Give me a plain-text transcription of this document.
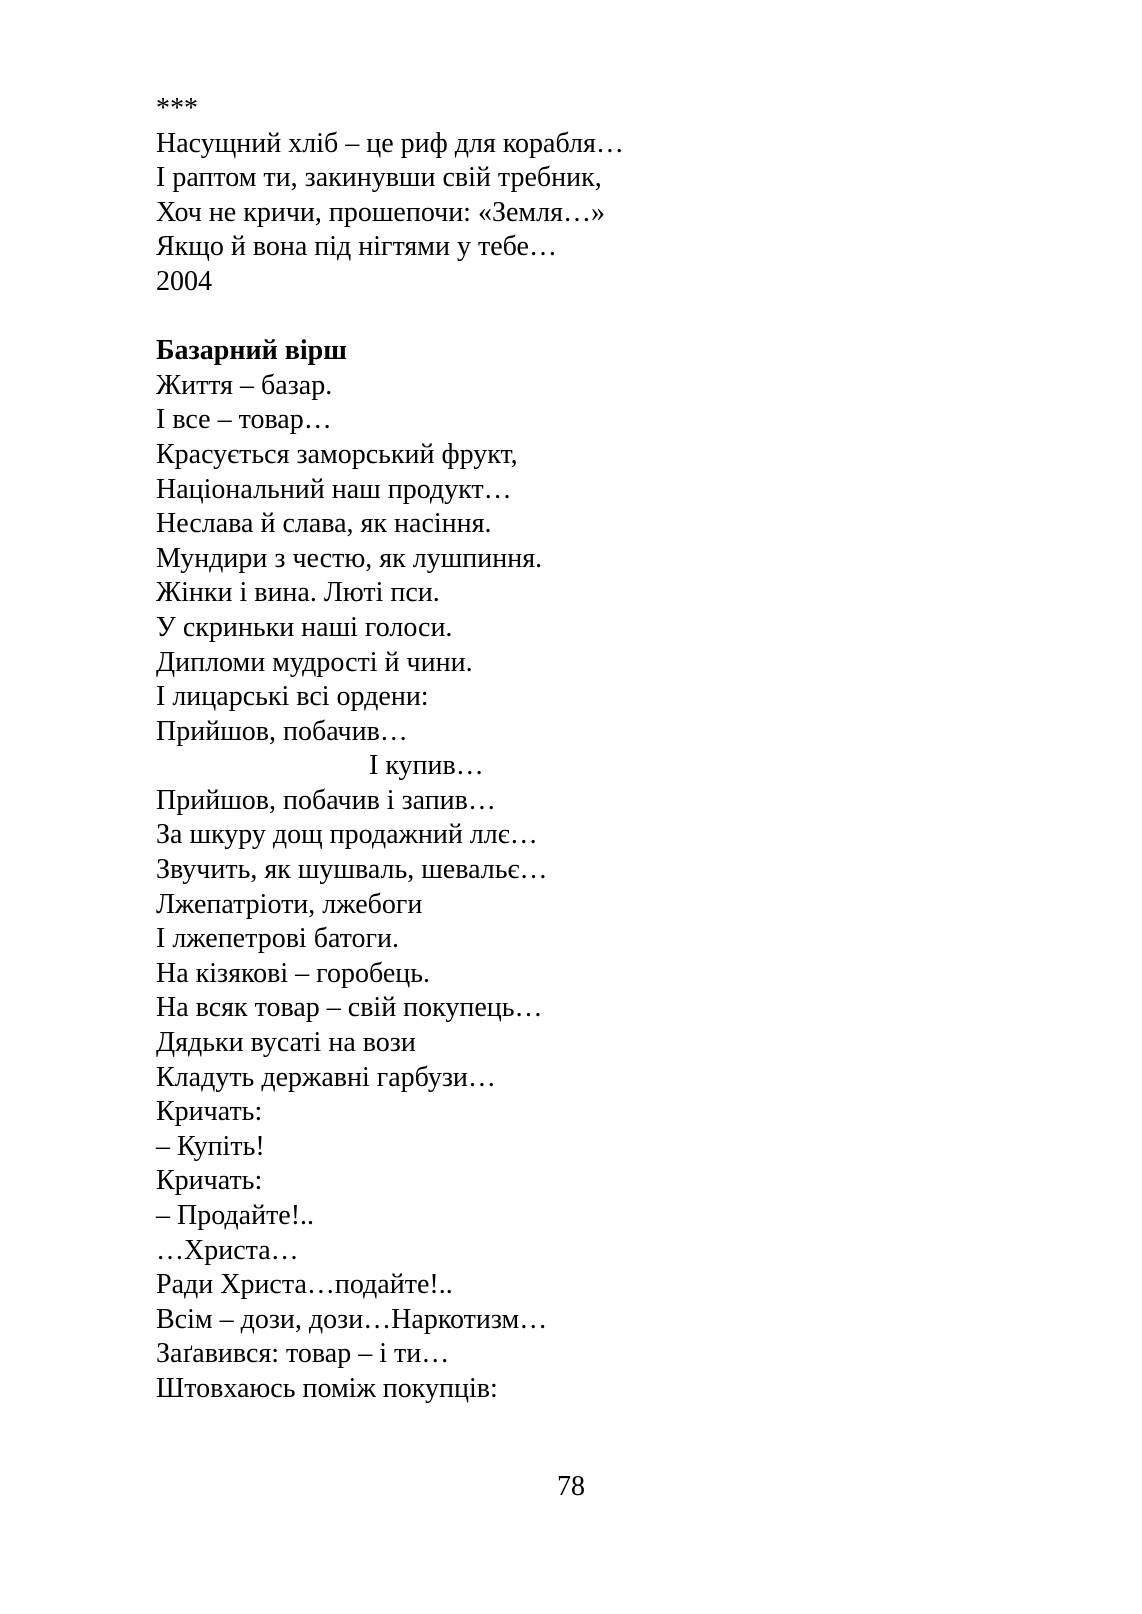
***
Насущний хліб – це риф для корабля…
І раптом ти, закинувши свій требник,
Хоч не кричи, прошепочи: «Земля…»
Якщо й вона під нігтями у тебе…
2004
Базарний вірш
Життя – базар.
І все – товар…
Красується заморський фрукт,
Національний наш продукт…
Неслава й слава, як насіння.
Мундири з честю, як лушпиння.
Жінки і вина. Люті пси.
У скриньки наші голоси.
Дипломи мудрості й чини.
І лицарські всі ордени:
Прийшов, побачив…
І купив…
Прийшов, побачив і запив…
За шкуру дощ продажний ллє…
Звучить, як шушваль, шевальє…
Лжепатріоти, лжебоги
І лжепетрові батоги.
На кізякові – горобець.
На всяк товар – свій покупець…
Дядьки вусаті на вози
Кладуть державні гарбузи…
Кричать:
– Купіть!
Кричать:
– Продайте!..
…Христа…
Ради Христа…подайте!..
Всім – дози, дози…Наркотизм…
Заґавився: товар – і ти…
Штовхаюсь поміж покупців:
78
